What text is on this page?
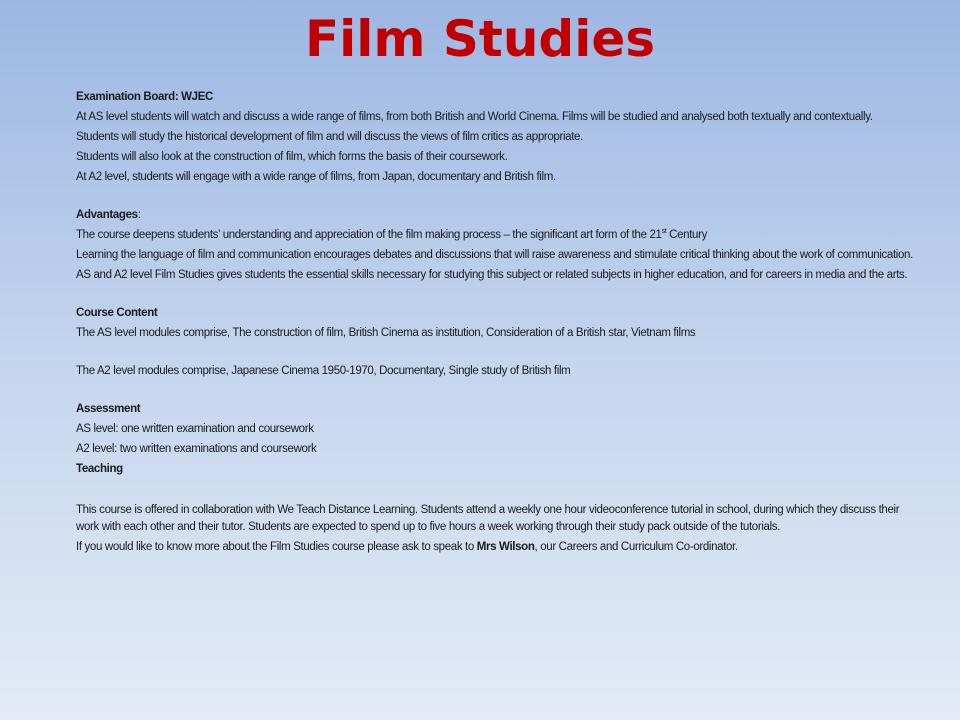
Film Studies

Examination Board: WJEC

At AS level students will watch and discuss a wide range of films, from both British and World Cinema. Films will be studied and analysed both textually and contextually.

Students will study the historical development of film and will discuss the views of film critics as appropriate.

Students will also look at the construction of film, which forms the basis of their coursework.

At A2 level, students will engage with a wide range of films, from Japan, documentary and British film.

Advantages:

The course deepens students’ understanding and appreciation of the film making process – the significant art form of the 21st Century

Learning the language of film and communication encourages debates and discussions that will raise awareness and stimulate critical thinking about the work of communication.

AS and A2 level Film Studies gives students the essential skills necessary for studying this subject or related subjects in higher education, and for careers in media and the arts.

Course Content

The AS level modules comprise, The construction of film, British Cinema as institution, Consideration of a British star, Vietnam films

The A2 level modules comprise, Japanese Cinema 1950-1970, Documentary, Single study of British film

Assessment

AS level: one written examination and coursework

A2 level: two written examinations and coursework

Teaching

This course is offered in collaboration with We Teach Distance Learning. Students attend a weekly one hour videoconference tutorial in school, during which they discuss their work with each other and their tutor. Students are expected to spend up to five hours a week working through their study pack outside of the tutorials.

If you would like to know more about the Film Studies course please ask to speak to Mrs Wilson, our Careers and Curriculum Co-ordinator.
